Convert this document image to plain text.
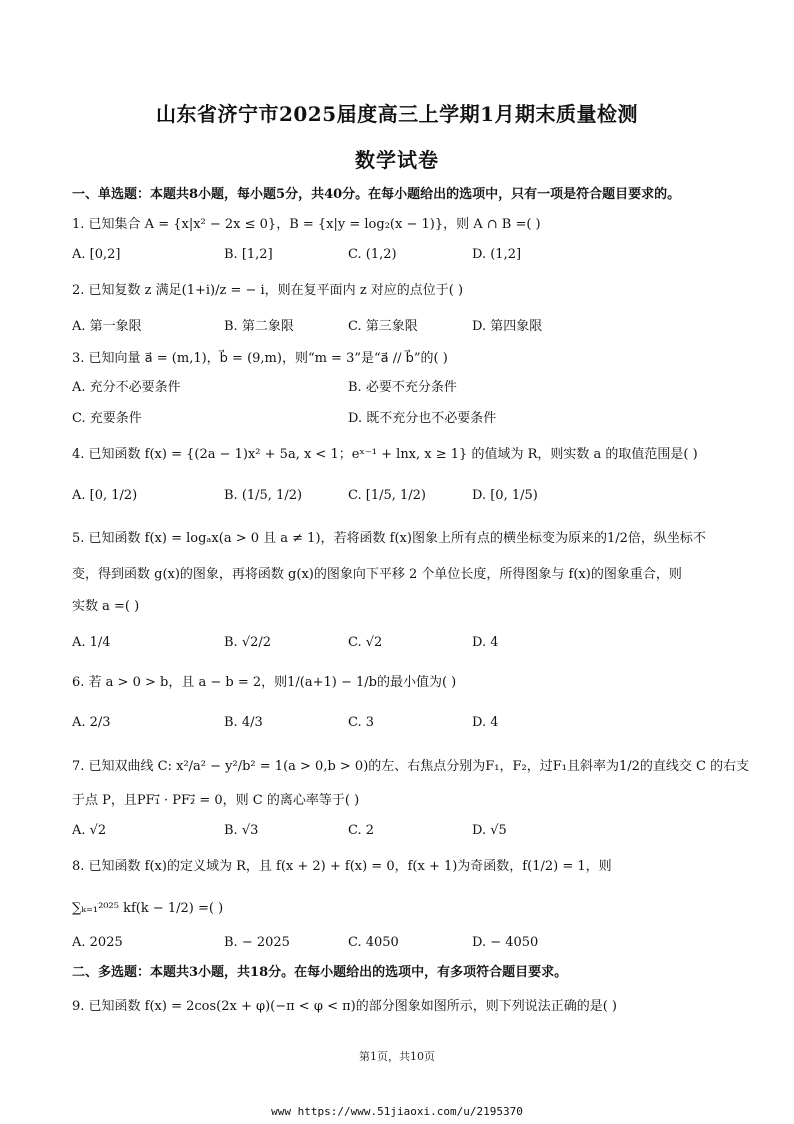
山东省济宁市2025届度高三上学期1月期末质量检测
数学试卷
一、单选题：本题共8小题，每小题5分，共40分。在每小题给出的选项中，只有一项是符合题目要求的。
1. 已知集合 A = {x|x² − 2x ≤ 0}，B = {x|y = log₂(x − 1)}，则 A ∩ B =( )
A. [0,2]	B. [1,2]	C. (1,2)	D. (1,2]
2. 已知复数 z 满足(1+i)/z = − i，则在复平面内 z 对应的点位于( )
A. 第一象限	B. 第二象限	C. 第三象限	D. 第四象限
3. 已知向量 a⃗ = (m,1)，b⃗ = (9,m)，则“m = 3”是“a⃗ // b⃗”的( )
A. 充分不必要条件	B. 必要不充分条件
C. 充要条件	D. 既不充分也不必要条件
4. 已知函数 f(x) = {(2a − 1)x² + 5a, x < 1；eˣ⁻¹ + lnx, x ≥ 1} 的值域为 R，则实数 a 的取值范围是( )
A. [0, 1/2)	B. (1/5, 1/2)	C. [1/5, 1/2)	D. [0, 1/5)
5. 已知函数 f(x) = logₐx(a > 0 且 a ≠ 1)，若将函数 f(x)图象上所有点的横坐标变为原来的1/2倍，纵坐标不
变，得到函数 g(x)的图象，再将函数 g(x)的图象向下平移 2 个单位长度，所得图象与 f(x)的图象重合，则
实数 a =( )
A. 1/4	B. √2/2	C. √2	D. 4
6. 若 a > 0 > b，且 a − b = 2，则1/(a+1) − 1/b的最小值为( )
A. 2/3	B. 4/3	C. 3	D. 4
7. 已知双曲线 C: x²/a² − y²/b² = 1(a > 0,b > 0)的左、右焦点分别为F₁，F₂，过F₁且斜率为1/2的直线交 C 的右支
于点 P，且PF₁⃗ · PF₂⃗ = 0，则 C 的离心率等于( )
A. √2	B. √3	C. 2	D. √5
8. 已知函数 f(x)的定义域为 R，且 f(x + 2) + f(x) = 0，f(x + 1)为奇函数，f(1/2) = 1，则
∑ₖ₌₁²⁰²⁵ kf(k − 1/2) =( )
A. 2025	B. − 2025	C. 4050	D. − 4050
二、多选题：本题共3小题，共18分。在每小题给出的选项中，有多项符合题目要求。
9. 已知函数 f(x) = 2cos(2x + φ)(−π < φ < π)的部分图象如图所示，则下列说法正确的是( )
第1页，共10页
www https://www.51jiaoxi.com/u/2195370
